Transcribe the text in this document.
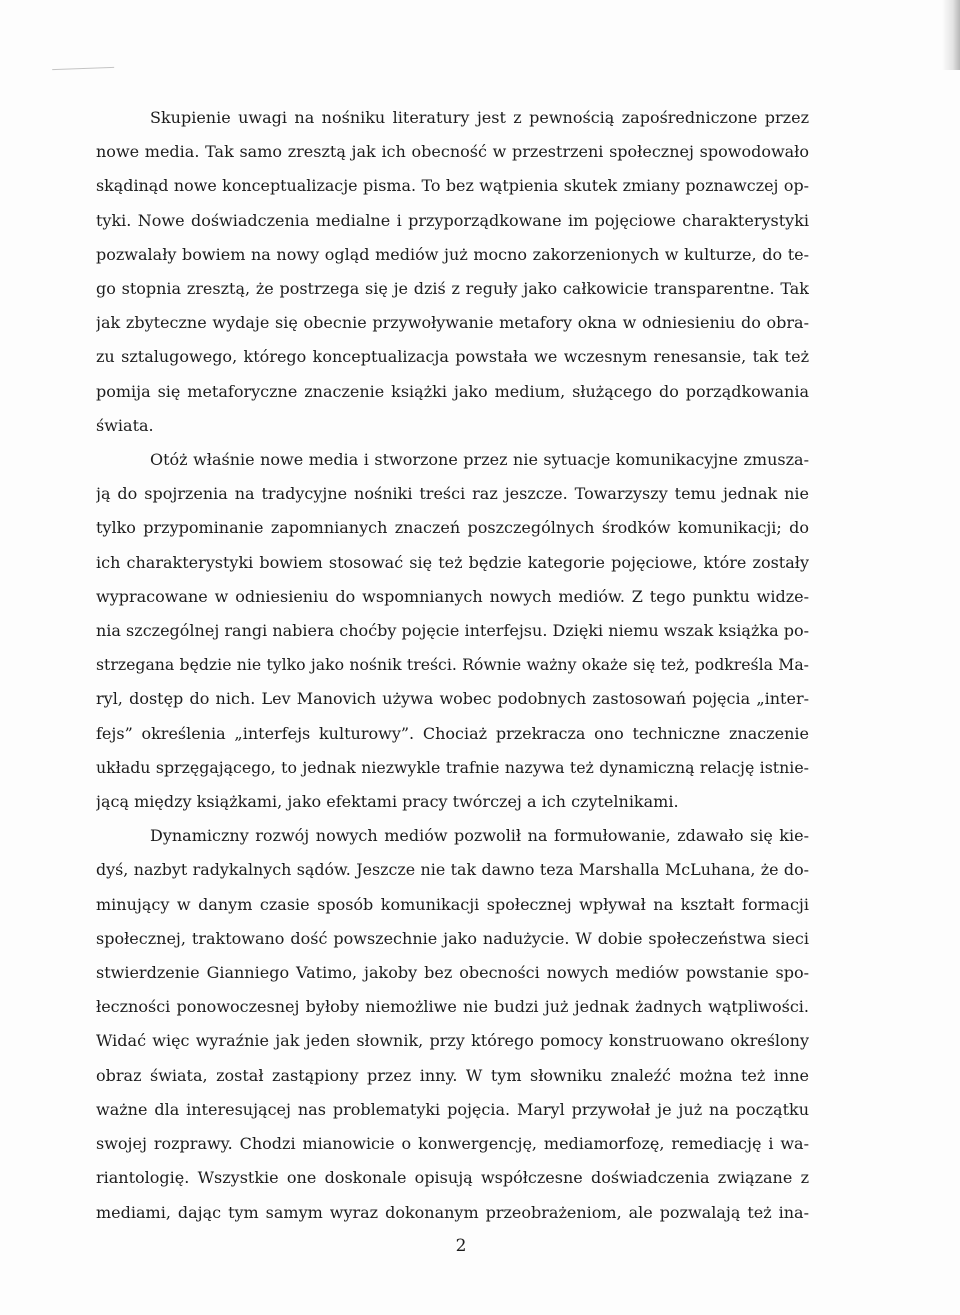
Skupienie uwagi na nośniku literatury jest z pewnością zapośredniczone przez
nowe media. Tak samo zresztą jak ich obecność w przestrzeni społecznej spowodowało
skądinąd nowe konceptualizacje pisma. To bez wątpienia skutek zmiany poznawczej op-
tyki. Nowe doświadczenia medialne i przyporządkowane im pojęciowe charakterystyki
pozwalały bowiem na nowy ogląd mediów już mocno zakorzenionych w kulturze, do te-
go stopnia zresztą, że postrzega się je dziś z reguły jako całkowicie transparentne. Tak
jak zbyteczne wydaje się obecnie przywoływanie metafory okna w odniesieniu do obra-
zu sztalugowego, którego konceptualizacja powstała we wczesnym renesansie, tak też
pomija się metaforyczne znaczenie książki jako medium, służącego do porządkowania
świata.

Otóż właśnie nowe media i stworzone przez nie sytuacje komunikacyjne zmusza-
ją do spojrzenia na tradycyjne nośniki treści raz jeszcze. Towarzyszy temu jednak nie
tylko przypominanie zapomnianych znaczeń poszczególnych środków komunikacji; do
ich charakterystyki bowiem stosować się też będzie kategorie pojęciowe, które zostały
wypracowane w odniesieniu do wspomnianych nowych mediów. Z tego punktu widze-
nia szczególnej rangi nabiera choćby pojęcie interfejsu. Dzięki niemu wszak książka po-
strzegana będzie nie tylko jako nośnik treści. Równie ważny okaże się też, podkreśla Ma-
ryl, dostęp do nich. Lev Manovich używa wobec podobnych zastosowań pojęcia „inter-
fejs” określenia „interfejs kulturowy”. Chociaż przekracza ono techniczne znaczenie
układu sprzęgającego, to jednak niezwykle trafnie nazywa też dynamiczną relację istnie-
jącą między książkami, jako efektami pracy twórczej a ich czytelnikami.

Dynamiczny rozwój nowych mediów pozwolił na formułowanie, zdawało się kie-
dyś, nazbyt radykalnych sądów. Jeszcze nie tak dawno teza Marshalla McLuhana, że do-
minujący w danym czasie sposób komunikacji społecznej wpływał na kształt formacji
społecznej, traktowano dość powszechnie jako nadużycie. W dobie społeczeństwa sieci
stwierdzenie Gianniego Vatimo, jakoby bez obecności nowych mediów powstanie spo-
łeczności ponowoczesnej byłoby niemożliwe nie budzi już jednak żadnych wątpliwości.
Widać więc wyraźnie jak jeden słownik, przy którego pomocy konstruowano określony
obraz świata, został zastąpiony przez inny. W tym słowniku znaleźć można też inne
ważne dla interesującej nas problematyki pojęcia. Maryl przywołał je już na początku
swojej rozprawy. Chodzi mianowicie o konwergencję, mediamorfozę, remediację i wa-
riantologię. Wszystkie one doskonale opisują współczesne doświadczenia związane z
mediami, dając tym samym wyraz dokonanym przeobrażeniom, ale pozwalają też ina-

2
